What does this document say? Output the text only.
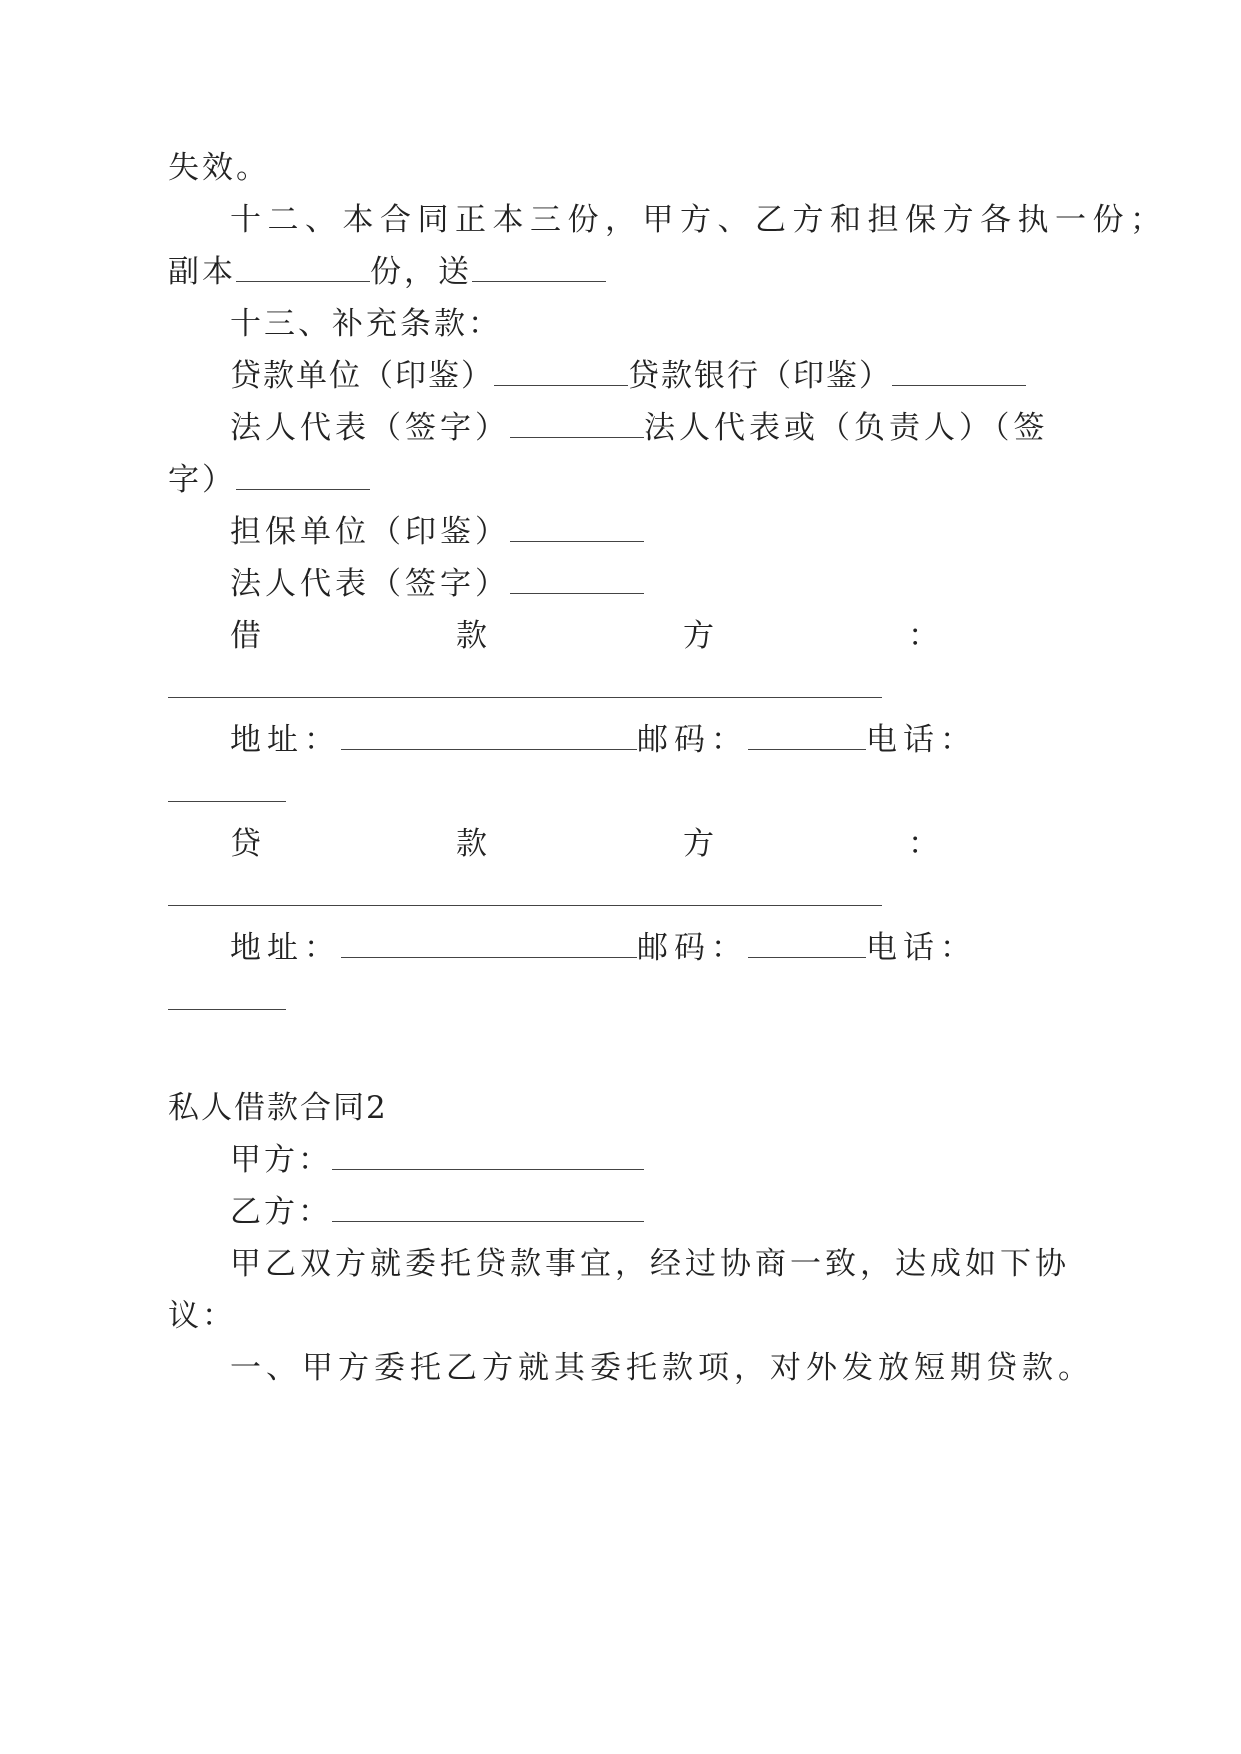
失效。
十二、本合同正本三份，甲方、乙方和担保方各执一份；
副本	份，送
十三、补充条款：
贷款单位（印鉴）	贷款银行（印鉴）
法人代表（签字）	法人代表或（负责人）（签
字）
担保单位（印鉴）
法人代表（签字）
借	款	方	：
地址：	邮码：	电话：
贷	款	方	：
地址：	邮码：	电话：
私人借款合同2
甲方：
乙方：
甲乙双方就委托贷款事宜，经过协商一致，达成如下协
议：
一、甲方委托乙方就其委托款项，对外发放短期贷款。
